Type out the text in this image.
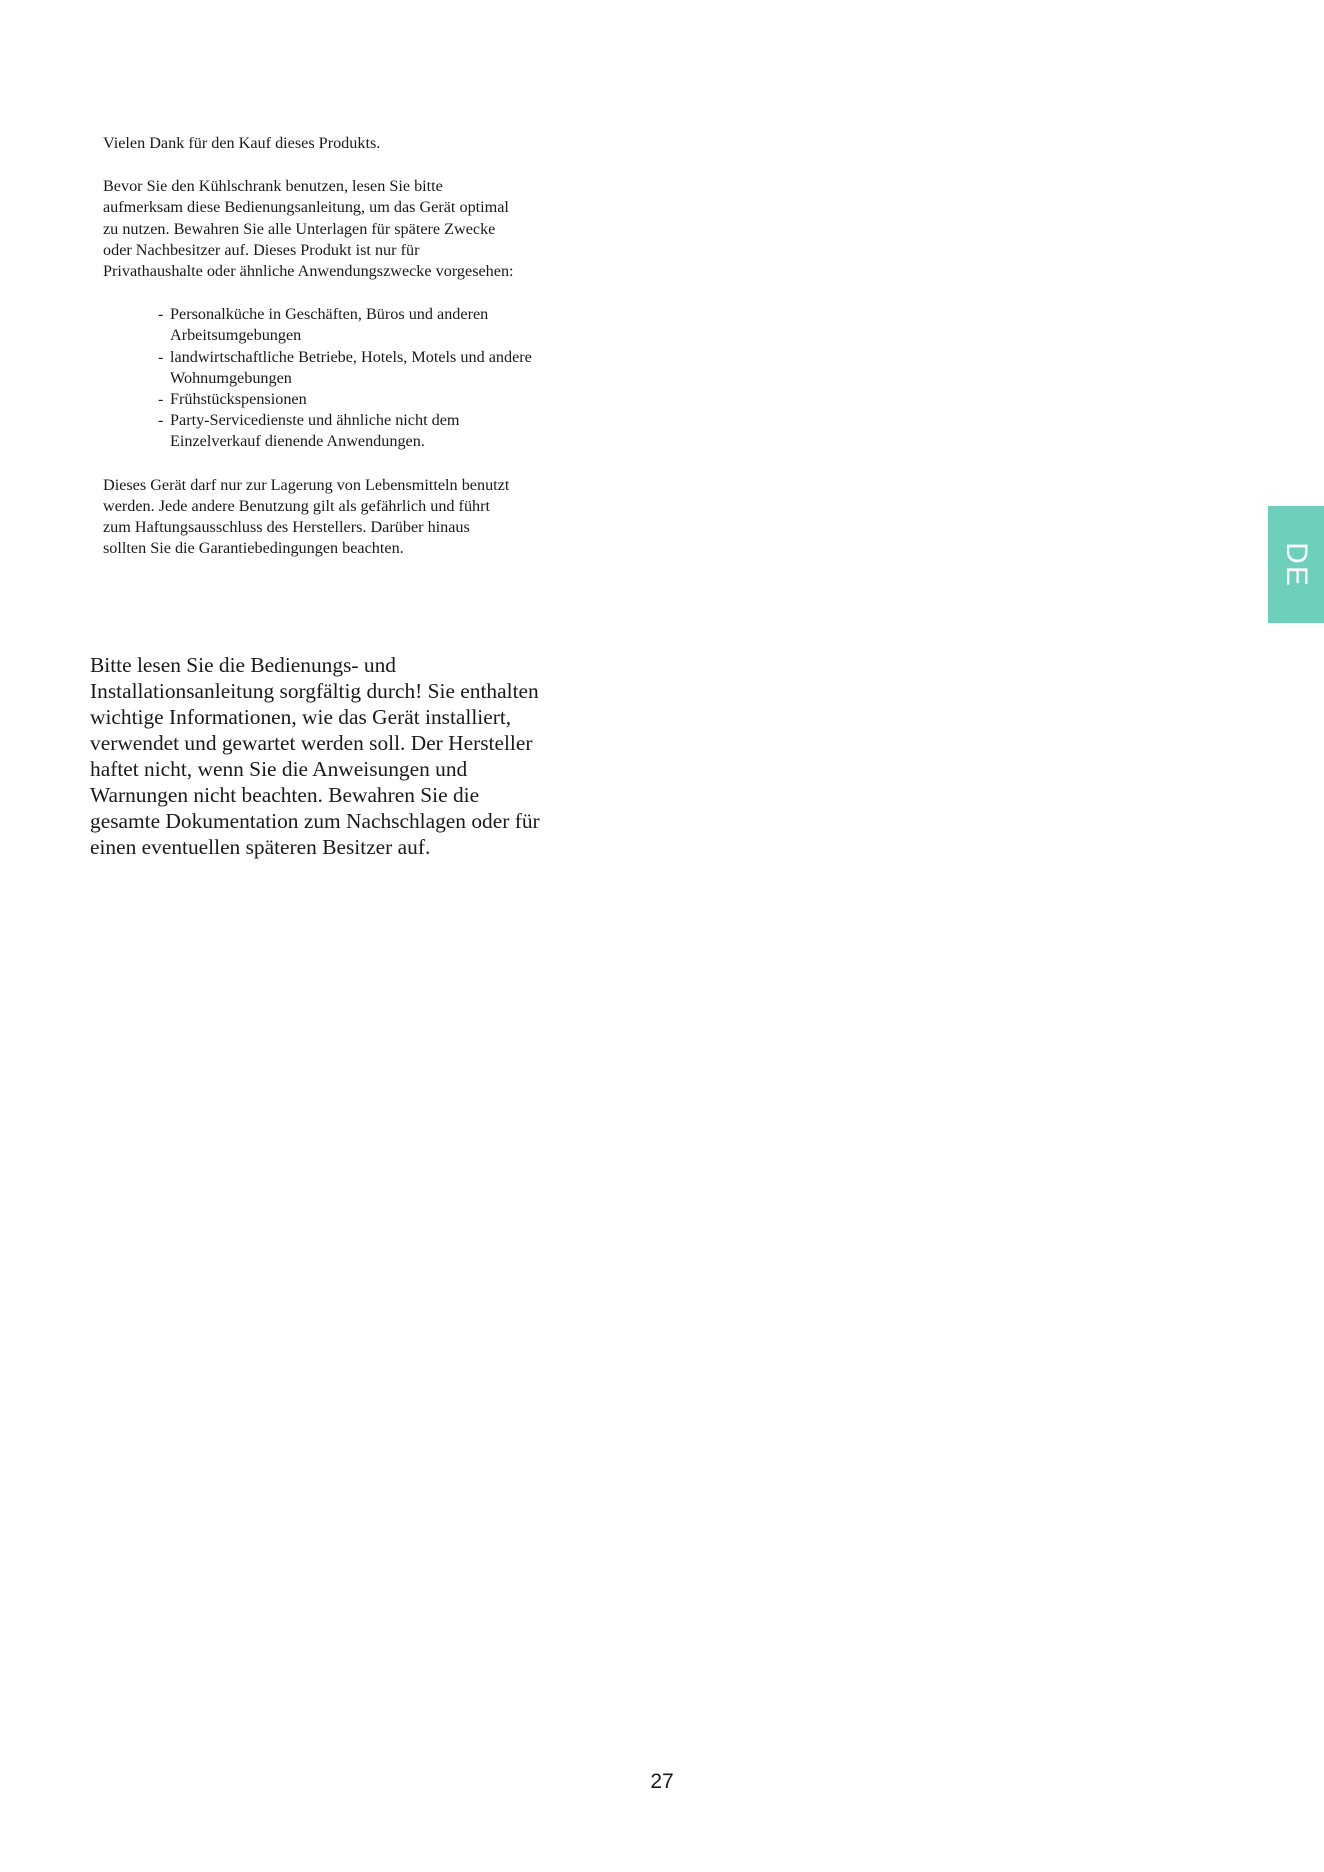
Vielen Dank für den Kauf dieses Produkts.

Bevor Sie den Kühlschrank benutzen, lesen Sie bitte
aufmerksam diese Bedienungsanleitung, um das Gerät optimal
zu nutzen. Bewahren Sie alle Unterlagen für spätere Zwecke
oder Nachbesitzer auf. Dieses Produkt ist nur für
Privathaushalte oder ähnliche Anwendungszwecke vorgesehen:

- Personalküche in Geschäften, Büros und anderen
Arbeitsumgebungen
- landwirtschaftliche Betriebe, Hotels, Motels und andere
Wohnumgebungen
- Frühstückspensionen
- Party-Servicedienste und ähnliche nicht dem
Einzelverkauf dienende Anwendungen.

Dieses Gerät darf nur zur Lagerung von Lebensmitteln benutzt
werden. Jede andere Benutzung gilt als gefährlich und führt
zum Haftungsausschluss des Herstellers. Darüber hinaus
sollten Sie die Garantiebedingungen beachten.

Bitte lesen Sie die Bedienungs- und
Installationsanleitung sorgfältig durch! Sie enthalten
wichtige Informationen, wie das Gerät installiert,
verwendet und gewartet werden soll. Der Hersteller
haftet nicht, wenn Sie die Anweisungen und
Warnungen nicht beachten. Bewahren Sie die
gesamte Dokumentation zum Nachschlagen oder für
einen eventuellen späteren Besitzer auf.

DE
27
